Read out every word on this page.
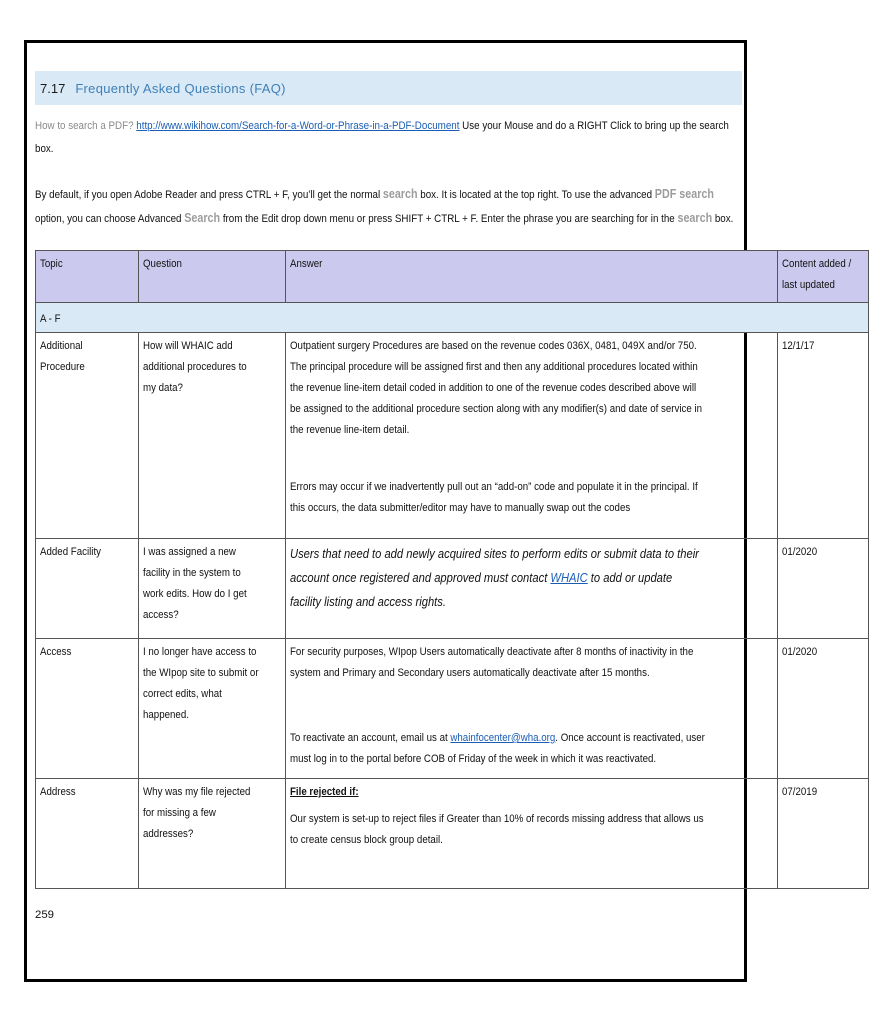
7.17 Frequently Asked Questions (FAQ)
How to search a PDF? http://www.wikihow.com/Search-for-a-Word-or-Phrase-in-a-PDF-Document Use your Mouse and do a RIGHT Click to bring up the search box.
By default, if you open Adobe Reader and press CTRL + F, you’ll get the normal search box. It is located at the top right. To use the advanced PDF search option, you can choose Advanced Search from the Edit drop down menu or press SHIFT + CTRL + F. Enter the phrase you are searching for in the search box.
Topic	Question	Answer	Content added / last updated

A - F			

Additional Procedure	How will WHAIC add additional procedures to my data?	Outpatient surgery Procedures are based on the revenue codes 036X, 0481, 049X and/or 750. The principal procedure will be assigned first and then any additional procedures located within the revenue line-item detail coded in addition to one of the revenue codes described above will be assigned to the additional procedure section along with any modifier(s) and date of service in the revenue line-item detail.
Errors may occur if we inadvertently pull out an “add-on” code and populate it in the principal. If this occurs, the data submitter/editor may have to manually swap out the codes	12/1/17

Added Facility	I was assigned a new facility in the system to work edits. How do I get access?	Users that need to add newly acquired sites to perform edits or submit data to their account once registered and approved must contact WHAIC to add or update facility listing and access rights.	01/2020

Access	I no longer have access to the WIpop site to submit or correct edits, what happened.	For security purposes, WIpop Users automatically deactivate after 8 months of inactivity in the system and Primary and Secondary users automatically deactivate after 15 months.
To reactivate an account, email us at whainfocenter@wha.org. Once account is reactivated, user must log in to the portal before COB of Friday of the week in which it was reactivated.	01/2020

Address	Why was my file rejected for missing a few addresses?	File rejected if:
Our system is set-up to reject files if Greater than 10% of records missing address that allows us to create census block group detail.	07/2019
259
